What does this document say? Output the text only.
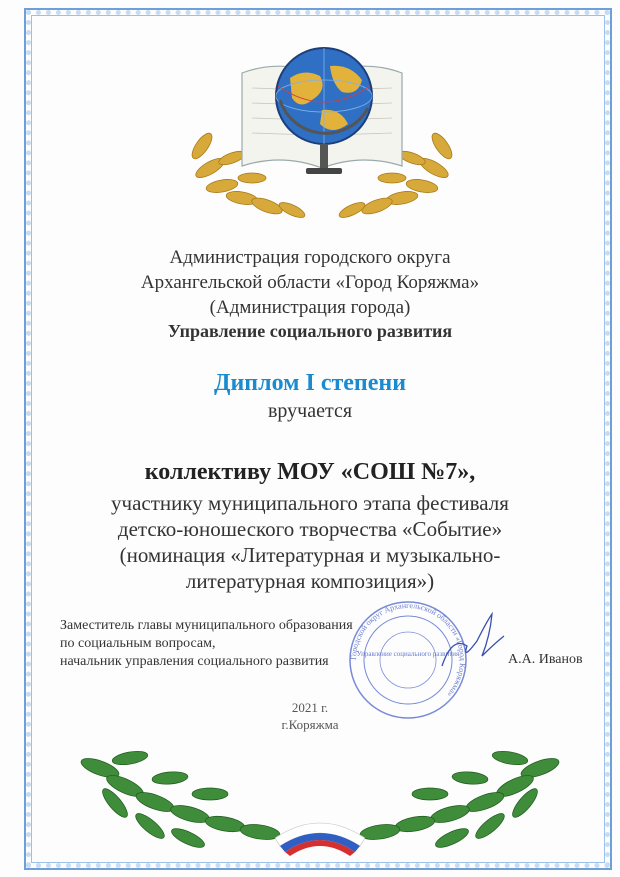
Администрация городского округа
Архангельской области «Город Коряжма»
(Администрация города)
Управление социального развития
Диплом I степени
вручается
коллективу МОУ «СОШ №7»,
участнику муниципального этапа фестиваля
детско-юношеского творчества «Событие»
(номинация «Литературная и музыкально-
литературная композиция»)
Заместитель главы муниципального образования
по социальным вопросам,
начальник управления социального развития	А.А. Иванов
Городской округ Архангельской области «Город Коряжма»
Управление социального развития
2021 г.
г.Коряжма
